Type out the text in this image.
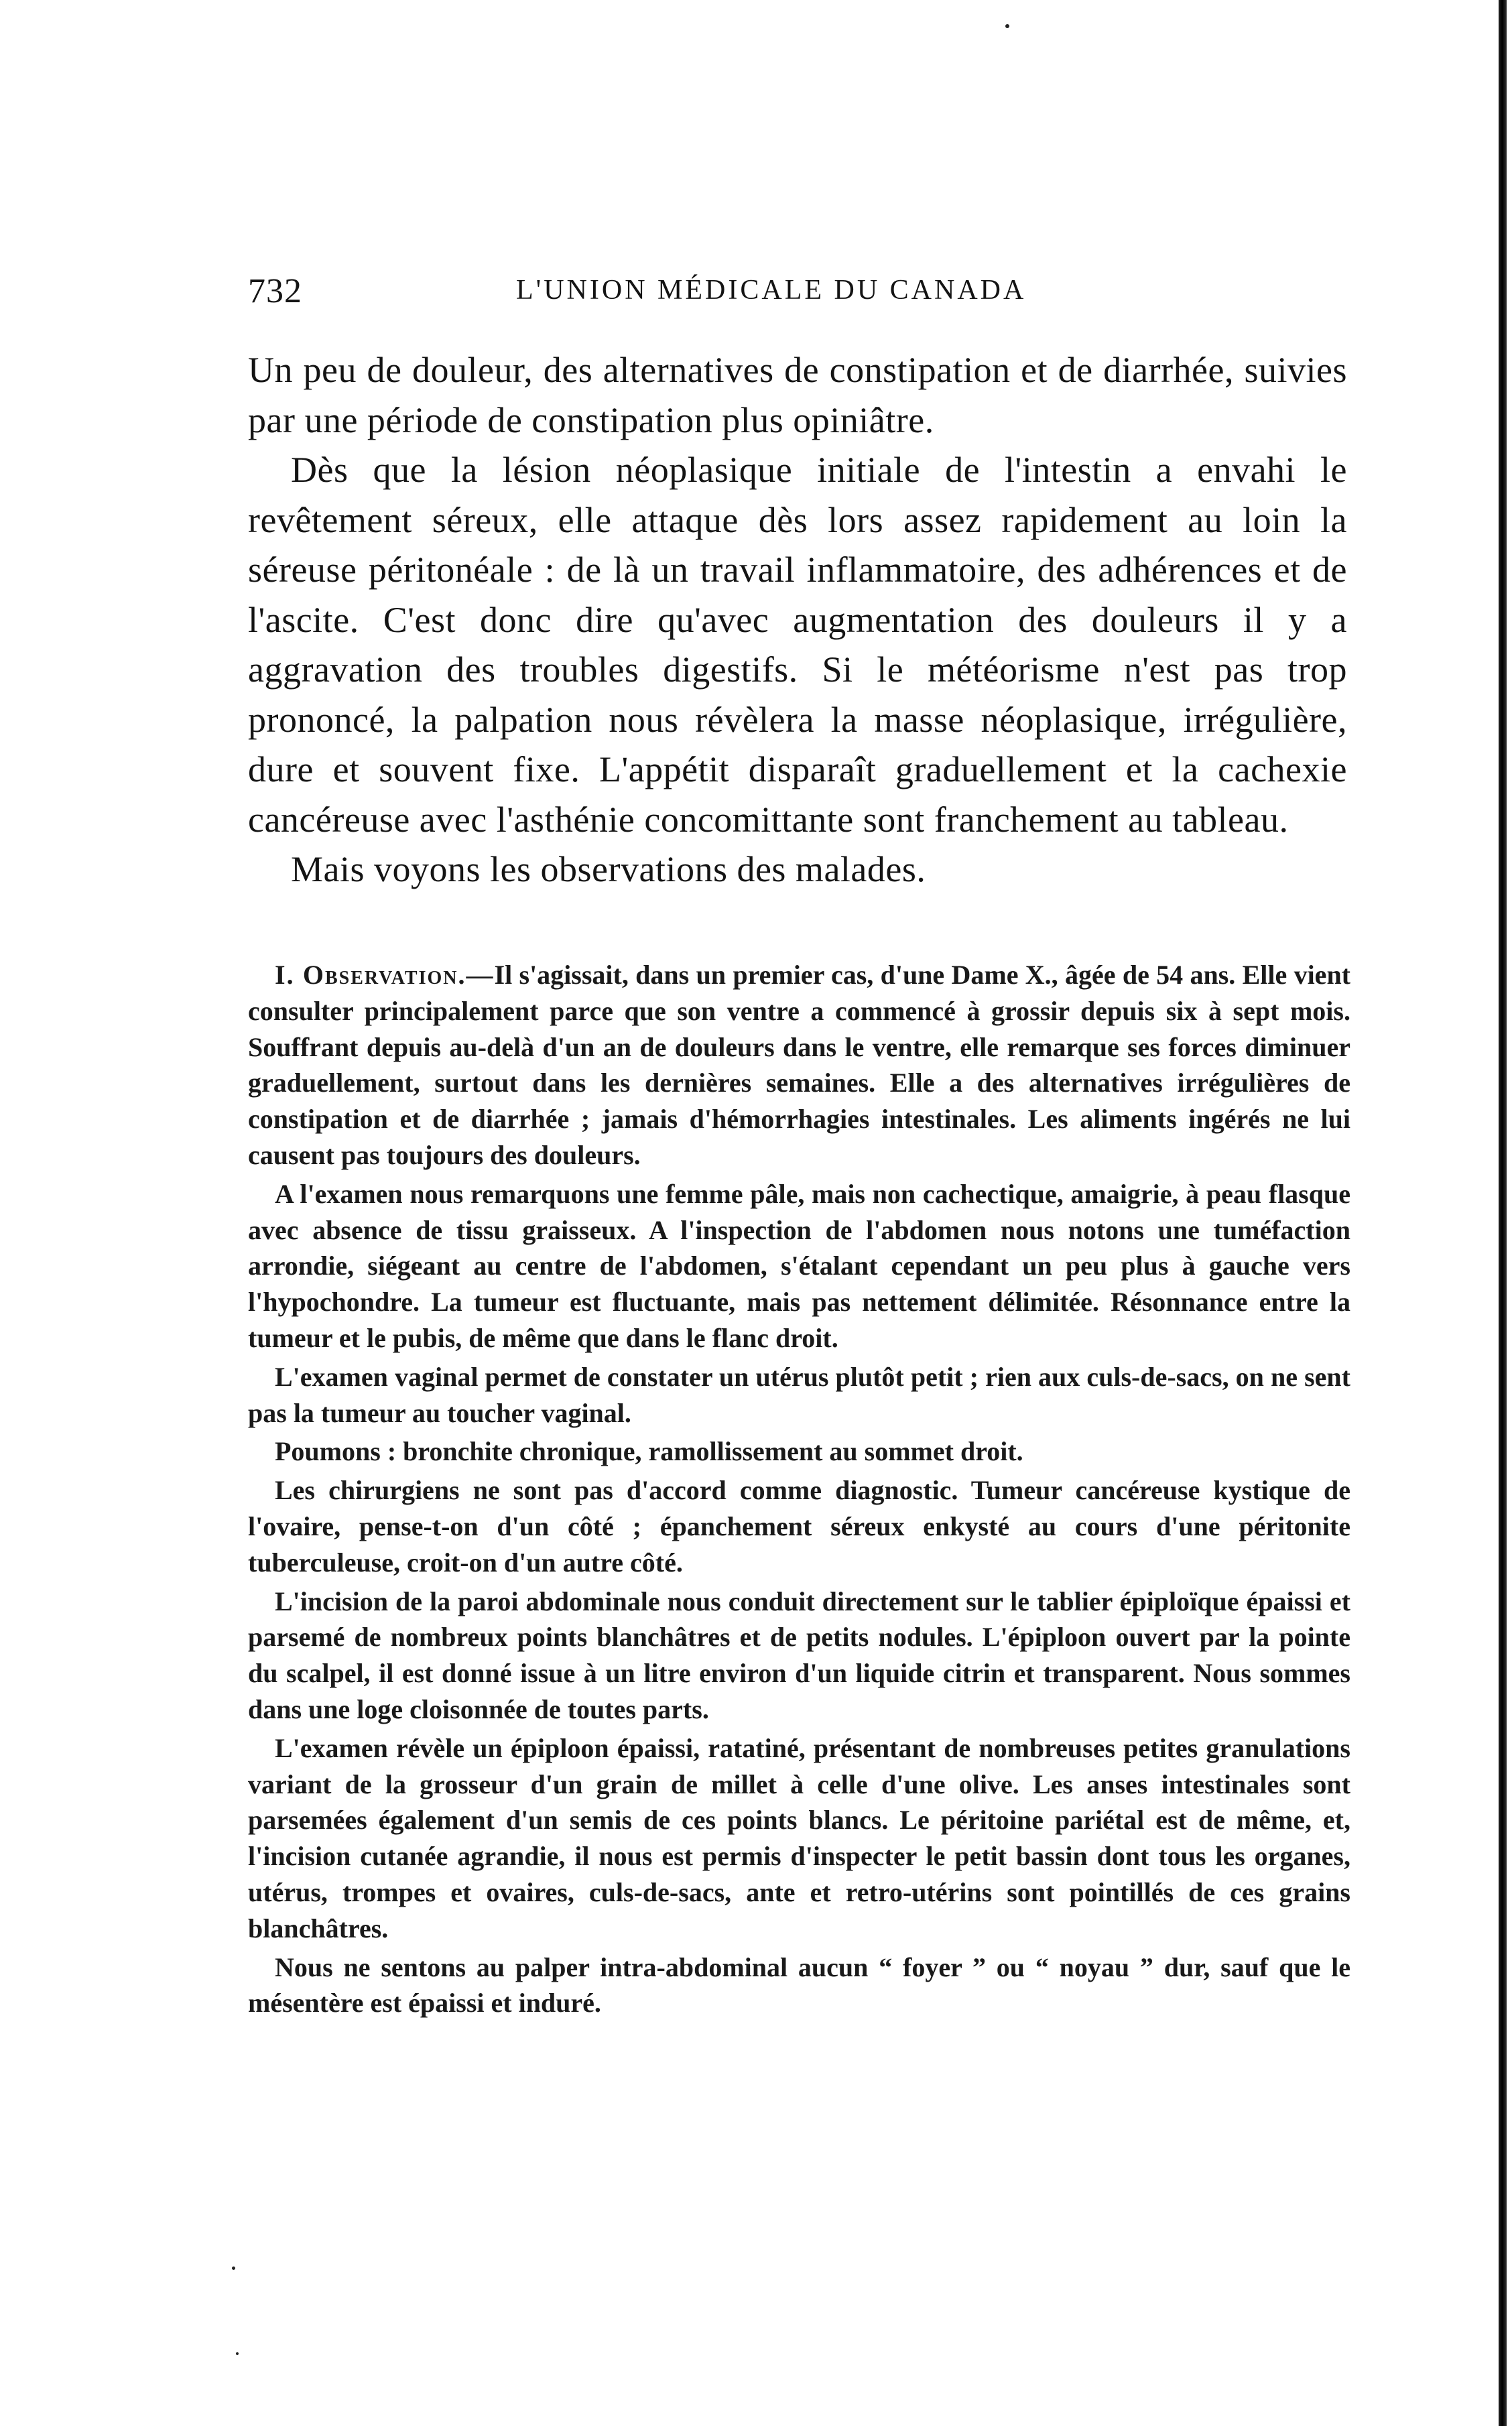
732	L'UNION MÉDICALE DU CANADA

Un peu de douleur, des alternatives de constipation et de diarrhée, suivies par une période de constipation plus opiniâtre.

Dès que la lésion néoplasique initiale de l'intestin a envahi le revêtement séreux, elle attaque dès lors assez rapidement au loin la séreuse péritonéale : de là un travail inflammatoire, des adhérences et de l'ascite. C'est donc dire qu'avec augmentation des douleurs il y a aggravation des troubles digestifs. Si le météorisme n'est pas trop prononcé, la palpation nous révèlera la masse néoplasique, irrégulière, dure et souvent fixe. L'appétit disparaît graduellement et la cachexie cancéreuse avec l'asthénie concomittante sont franchement au tableau.

Mais voyons les observations des malades.

I. Observation.—Il s'agissait, dans un premier cas, d'une Dame X., âgée de 54 ans. Elle vient consulter principalement parce que son ventre a commencé à grossir depuis six à sept mois. Souffrant depuis au-delà d'un an de douleurs dans le ventre, elle remarque ses forces diminuer graduellement, surtout dans les dernières semaines. Elle a des alternatives irrégulières de constipation et de diarrhée ; jamais d'hémorrhagies intestinales. Les aliments ingérés ne lui causent pas toujours des douleurs.

A l'examen nous remarquons une femme pâle, mais non cachectique, amaigrie, à peau flasque avec absence de tissu graisseux. A l'inspection de l'abdomen nous notons une tuméfaction arrondie, siégeant au centre de l'abdomen, s'étalant cependant un peu plus à gauche vers l'hypochondre. La tumeur est fluctuante, mais pas nettement délimitée. Résonnance entre la tumeur et le pubis, de même que dans le flanc droit.

L'examen vaginal permet de constater un utérus plutôt petit ; rien aux culs-de-sacs, on ne sent pas la tumeur au toucher vaginal.

Poumons : bronchite chronique, ramollissement au sommet droit.

Les chirurgiens ne sont pas d'accord comme diagnostic. Tumeur cancéreuse kystique de l'ovaire, pense-t-on d'un côté ; épanchement séreux enkysté au cours d'une péritonite tuberculeuse, croit-on d'un autre côté.

L'incision de la paroi abdominale nous conduit directement sur le tablier épiploïque épaissi et parsemé de nombreux points blanchâtres et de petits nodules. L'épiploon ouvert par la pointe du scalpel, il est donné issue à un litre environ d'un liquide citrin et transparent. Nous sommes dans une loge cloisonnée de toutes parts.

L'examen révèle un épiploon épaissi, ratatiné, présentant de nombreuses petites granulations variant de la grosseur d'un grain de millet à celle d'une olive. Les anses intestinales sont parsemées également d'un semis de ces points blancs. Le péritoine pariétal est de même, et, l'incision cutanée agrandie, il nous est permis d'inspecter le petit bassin dont tous les organes, utérus, trompes et ovaires, culs-de-sacs, ante et retro-utérins sont pointillés de ces grains blanchâtres.

Nous ne sentons au palper intra-abdominal aucun “ foyer ” ou “ noyau ” dur, sauf que le mésentère est épaissi et induré.
